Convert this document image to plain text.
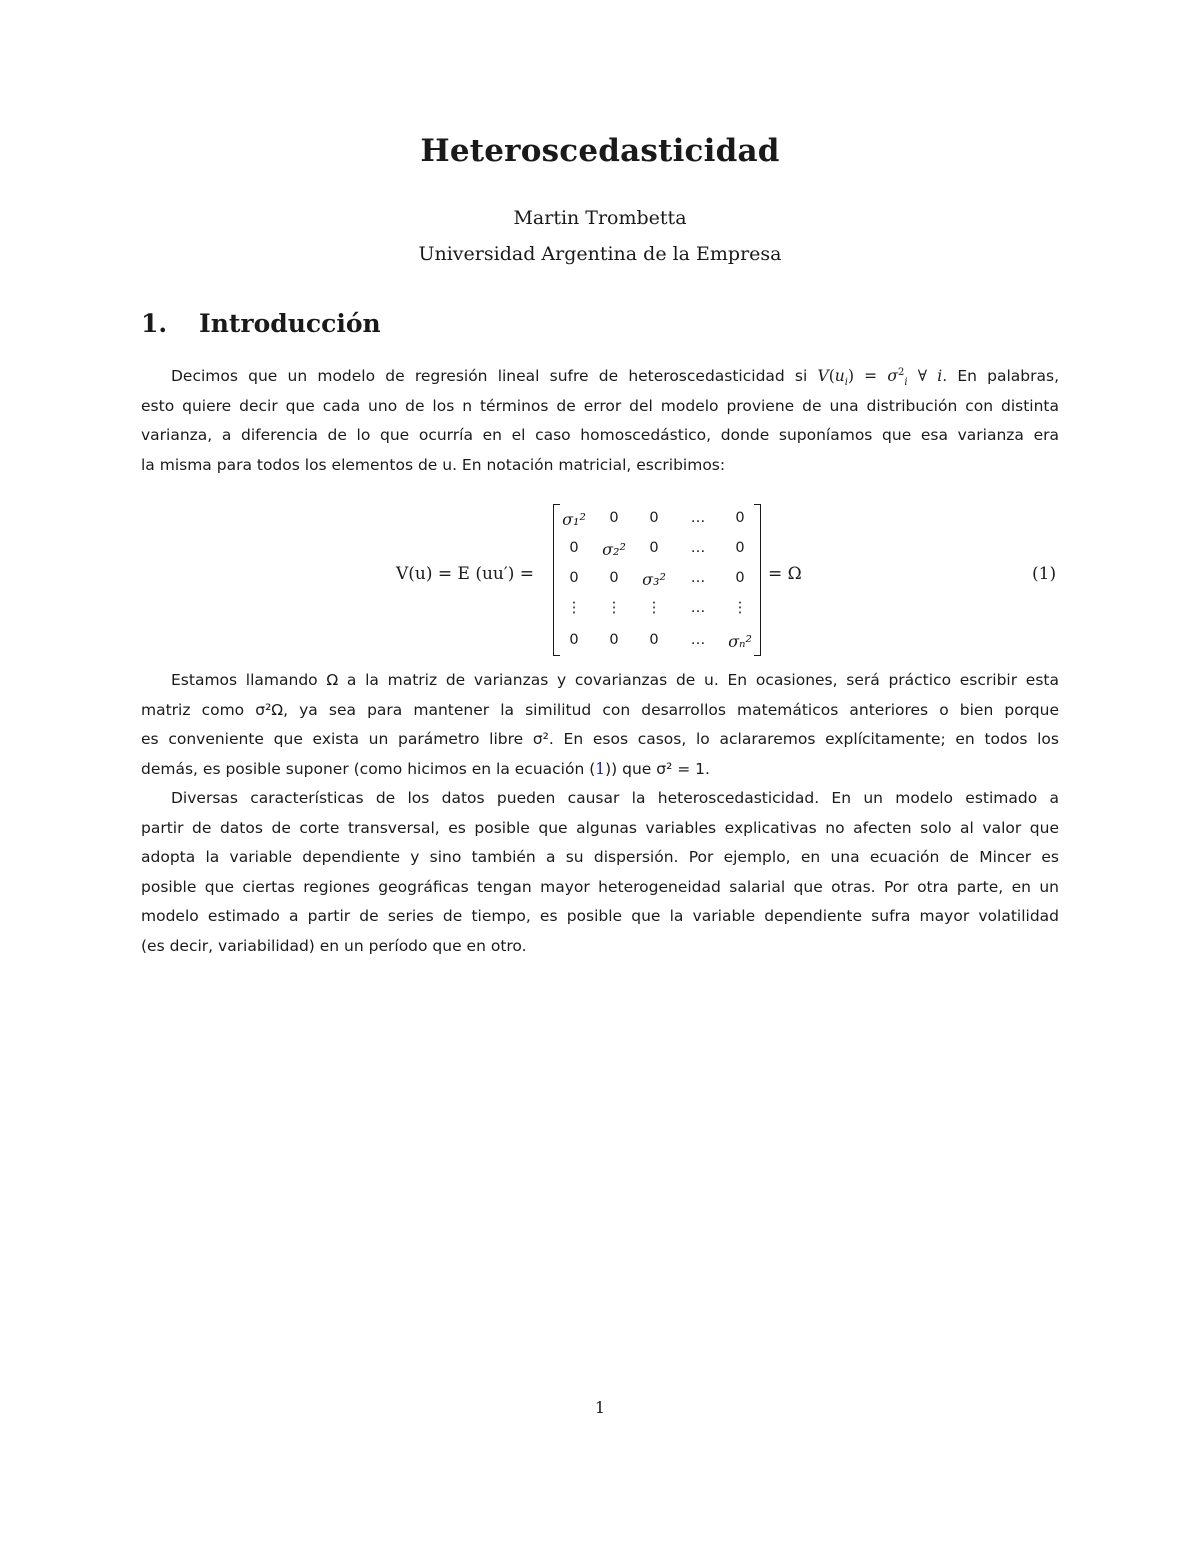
Heteroscedasticidad
Martin Trombetta
Universidad Argentina de la Empresa
1. Introducción
Decimos que un modelo de regresión lineal sufre de heteroscedasticidad si $V(u_i) = \sigma^2_i$ ∀ i. En palabras,
esto quiere decir que cada uno de los n términos de error del modelo proviene de una distribución con distinta
varianza, a diferencia de lo que ocurría en el caso homoscedástico, donde suponíamos que esa varianza era
la misma para todos los elementos de u. En notación matricial, escribimos:
V(u) = E (uu′) =
σ₁²	0	0	…	0
0	σ₂²	0	…	0
0	0	σ₃²	…	0
⋮	⋮	⋮	…	⋮
0	0	0	…	σₙ²
= Ω	(1)
Estamos llamando Ω a la matriz de varianzas y covarianzas de u. En ocasiones, será práctico escribir esta
matriz como σ²Ω, ya sea para mantener la similitud con desarrollos matemáticos anteriores o bien porque
es conveniente que exista un parámetro libre σ². En esos casos, lo aclararemos explícitamente; en todos los
demás, es posible suponer (como hicimos en la ecuación (1)) que σ² = 1.
Diversas características de los datos pueden causar la heteroscedasticidad. En un modelo estimado a
partir de datos de corte transversal, es posible que algunas variables explicativas no afecten solo al valor que
adopta la variable dependiente y sino también a su dispersión. Por ejemplo, en una ecuación de Mincer es
posible que ciertas regiones geográficas tengan mayor heterogeneidad salarial que otras. Por otra parte, en un
modelo estimado a partir de series de tiempo, es posible que la variable dependiente sufra mayor volatilidad
(es decir, variabilidad) en un período que en otro.
1
